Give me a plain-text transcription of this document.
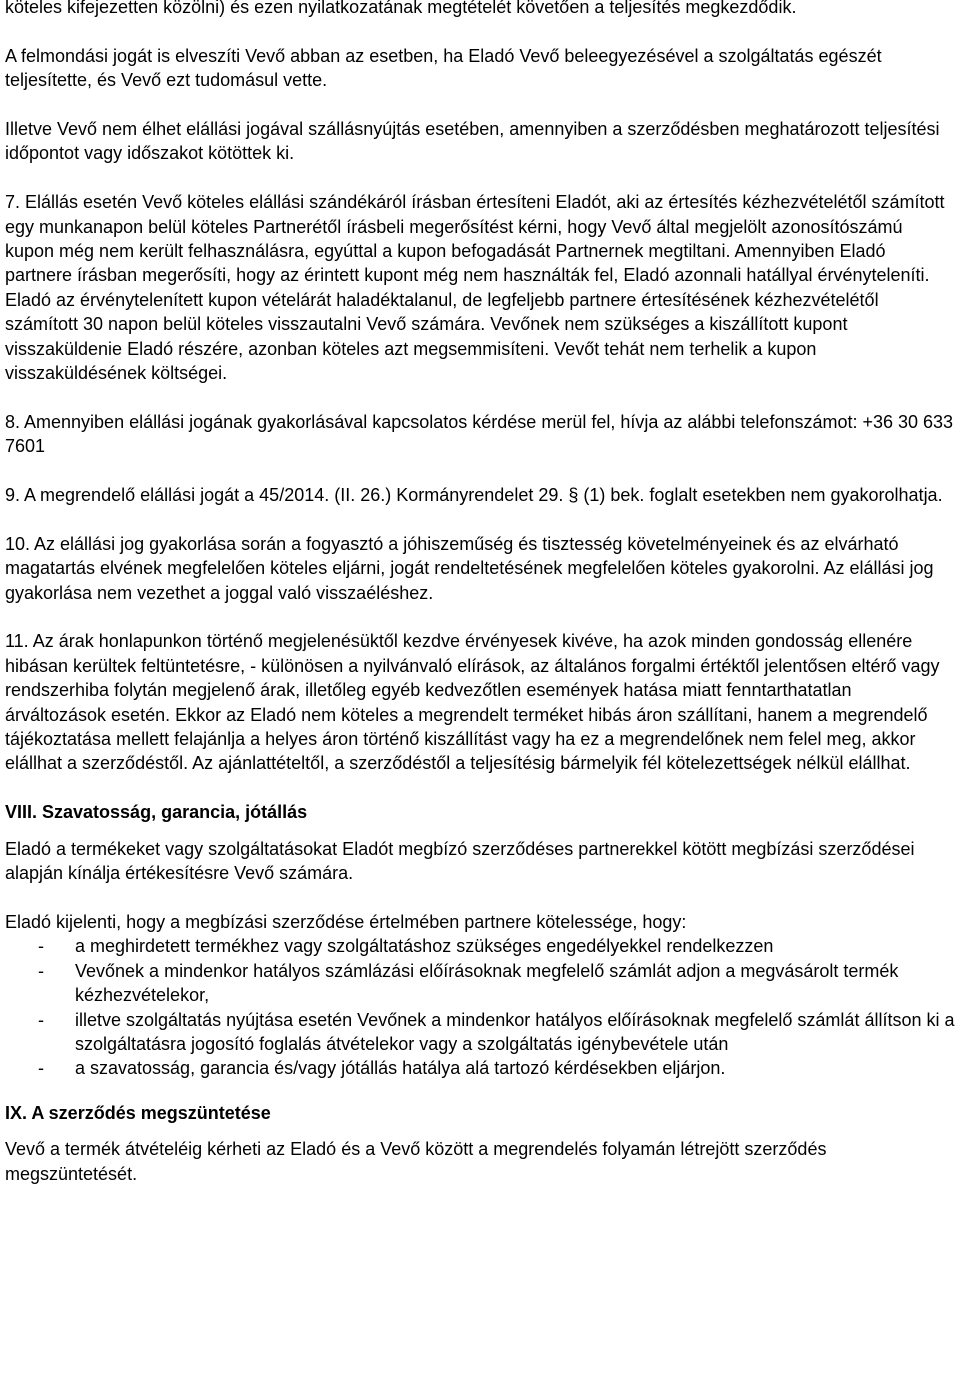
köteles kifejezetten közölni) és ezen nyilatkozatának megtételét követően a teljesítés megkezdődik.

A felmondási jogát is elveszíti Vevő abban az esetben, ha Eladó Vevő beleegyezésével a szolgáltatás egészét teljesítette, és Vevő ezt tudomásul vette.

Illetve Vevő nem élhet elállási jogával szállásnyújtás esetében, amennyiben a szerződésben meghatározott teljesítési időpontot vagy időszakot kötöttek ki.

7. Elállás esetén Vevő köteles elállási szándékáról írásban értesíteni Eladót, aki az értesítés kézhezvételétől számított egy munkanapon belül köteles Partnerétől írásbeli megerősítést kérni, hogy Vevő által megjelölt azonosítószámú kupon még nem került felhasználásra, egyúttal a kupon befogadását Partnernek megtiltani. Amennyiben Eladó partnere írásban megerősíti, hogy az érintett kupont még nem használták fel, Eladó azonnali hatállyal érvényteleníti. Eladó az érvénytelenített kupon vételárát haladéktalanul, de legfeljebb partnere értesítésének kézhezvételétől számított 30 napon belül köteles visszautalni Vevő számára. Vevőnek nem szükséges a kiszállított kupont visszaküldenie Eladó részére, azonban köteles azt megsemmisíteni. Vevőt tehát nem terhelik a kupon visszaküldésének költségei.

8. Amennyiben elállási jogának gyakorlásával kapcsolatos kérdése merül fel, hívja az alábbi telefonszámot: +36 30 633 7601

9. A megrendelő elállási jogát a 45/2014. (II. 26.) Kormányrendelet 29. § (1) bek. foglalt esetekben nem gyakorolhatja.

10. Az elállási jog gyakorlása során a fogyasztó a jóhiszeműség és tisztesség követelményeinek és az elvárható magatartás elvének megfelelően köteles eljárni, jogát rendeltetésének megfelelően köteles gyakorolni. Az elállási jog gyakorlása nem vezethet a joggal való visszaéléshez.

11. Az árak honlapunkon történő megjelenésüktől kezdve érvényesek kivéve, ha azok minden gondosság ellenére hibásan kerültek feltüntetésre, - különösen a nyilvánvaló elírások, az általános forgalmi értéktől jelentősen eltérő vagy rendszerhiba folytán megjelenő árak, illetőleg egyéb kedvezőtlen események hatása miatt fenntarthatatlan árváltozások esetén. Ekkor az Eladó nem köteles a megrendelt terméket hibás áron szállítani, hanem a megrendelő tájékoztatása mellett felajánlja a helyes áron történő kiszállítást vagy ha ez a megrendelőnek nem felel meg, akkor elállhat a szerződéstől. Az ajánlattételtől, a szerződéstől a teljesítésig bármelyik fél kötelezettségek nélkül elállhat.

VIII. Szavatosság, garancia, jótállás

Eladó a termékeket vagy szolgáltatásokat Eladót megbízó szerződéses partnerekkel kötött megbízási szerződései alapján kínálja értékesítésre Vevő számára.

Eladó kijelenti, hogy a megbízási szerződése értelmében partnere kötelessége, hogy:

- a meghirdetett termékhez vagy szolgáltatáshoz szükséges engedélyekkel rendelkezzen
- Vevőnek a mindenkor hatályos számlázási előírásoknak megfelelő számlát adjon a megvásárolt termék kézhezvételekor,
- illetve szolgáltatás nyújtása esetén Vevőnek a mindenkor hatályos előírásoknak megfelelő számlát állítson ki a szolgáltatásra jogosító foglalás átvételekor vagy a szolgáltatás igénybevétele után
- a szavatosság, garancia és/vagy jótállás hatálya alá tartozó kérdésekben eljárjon.
IX. A szerződés megszüntetése

Vevő a termék átvételéig kérheti az Eladó és a Vevő között a megrendelés folyamán létrejött szerződés megszüntetését.
